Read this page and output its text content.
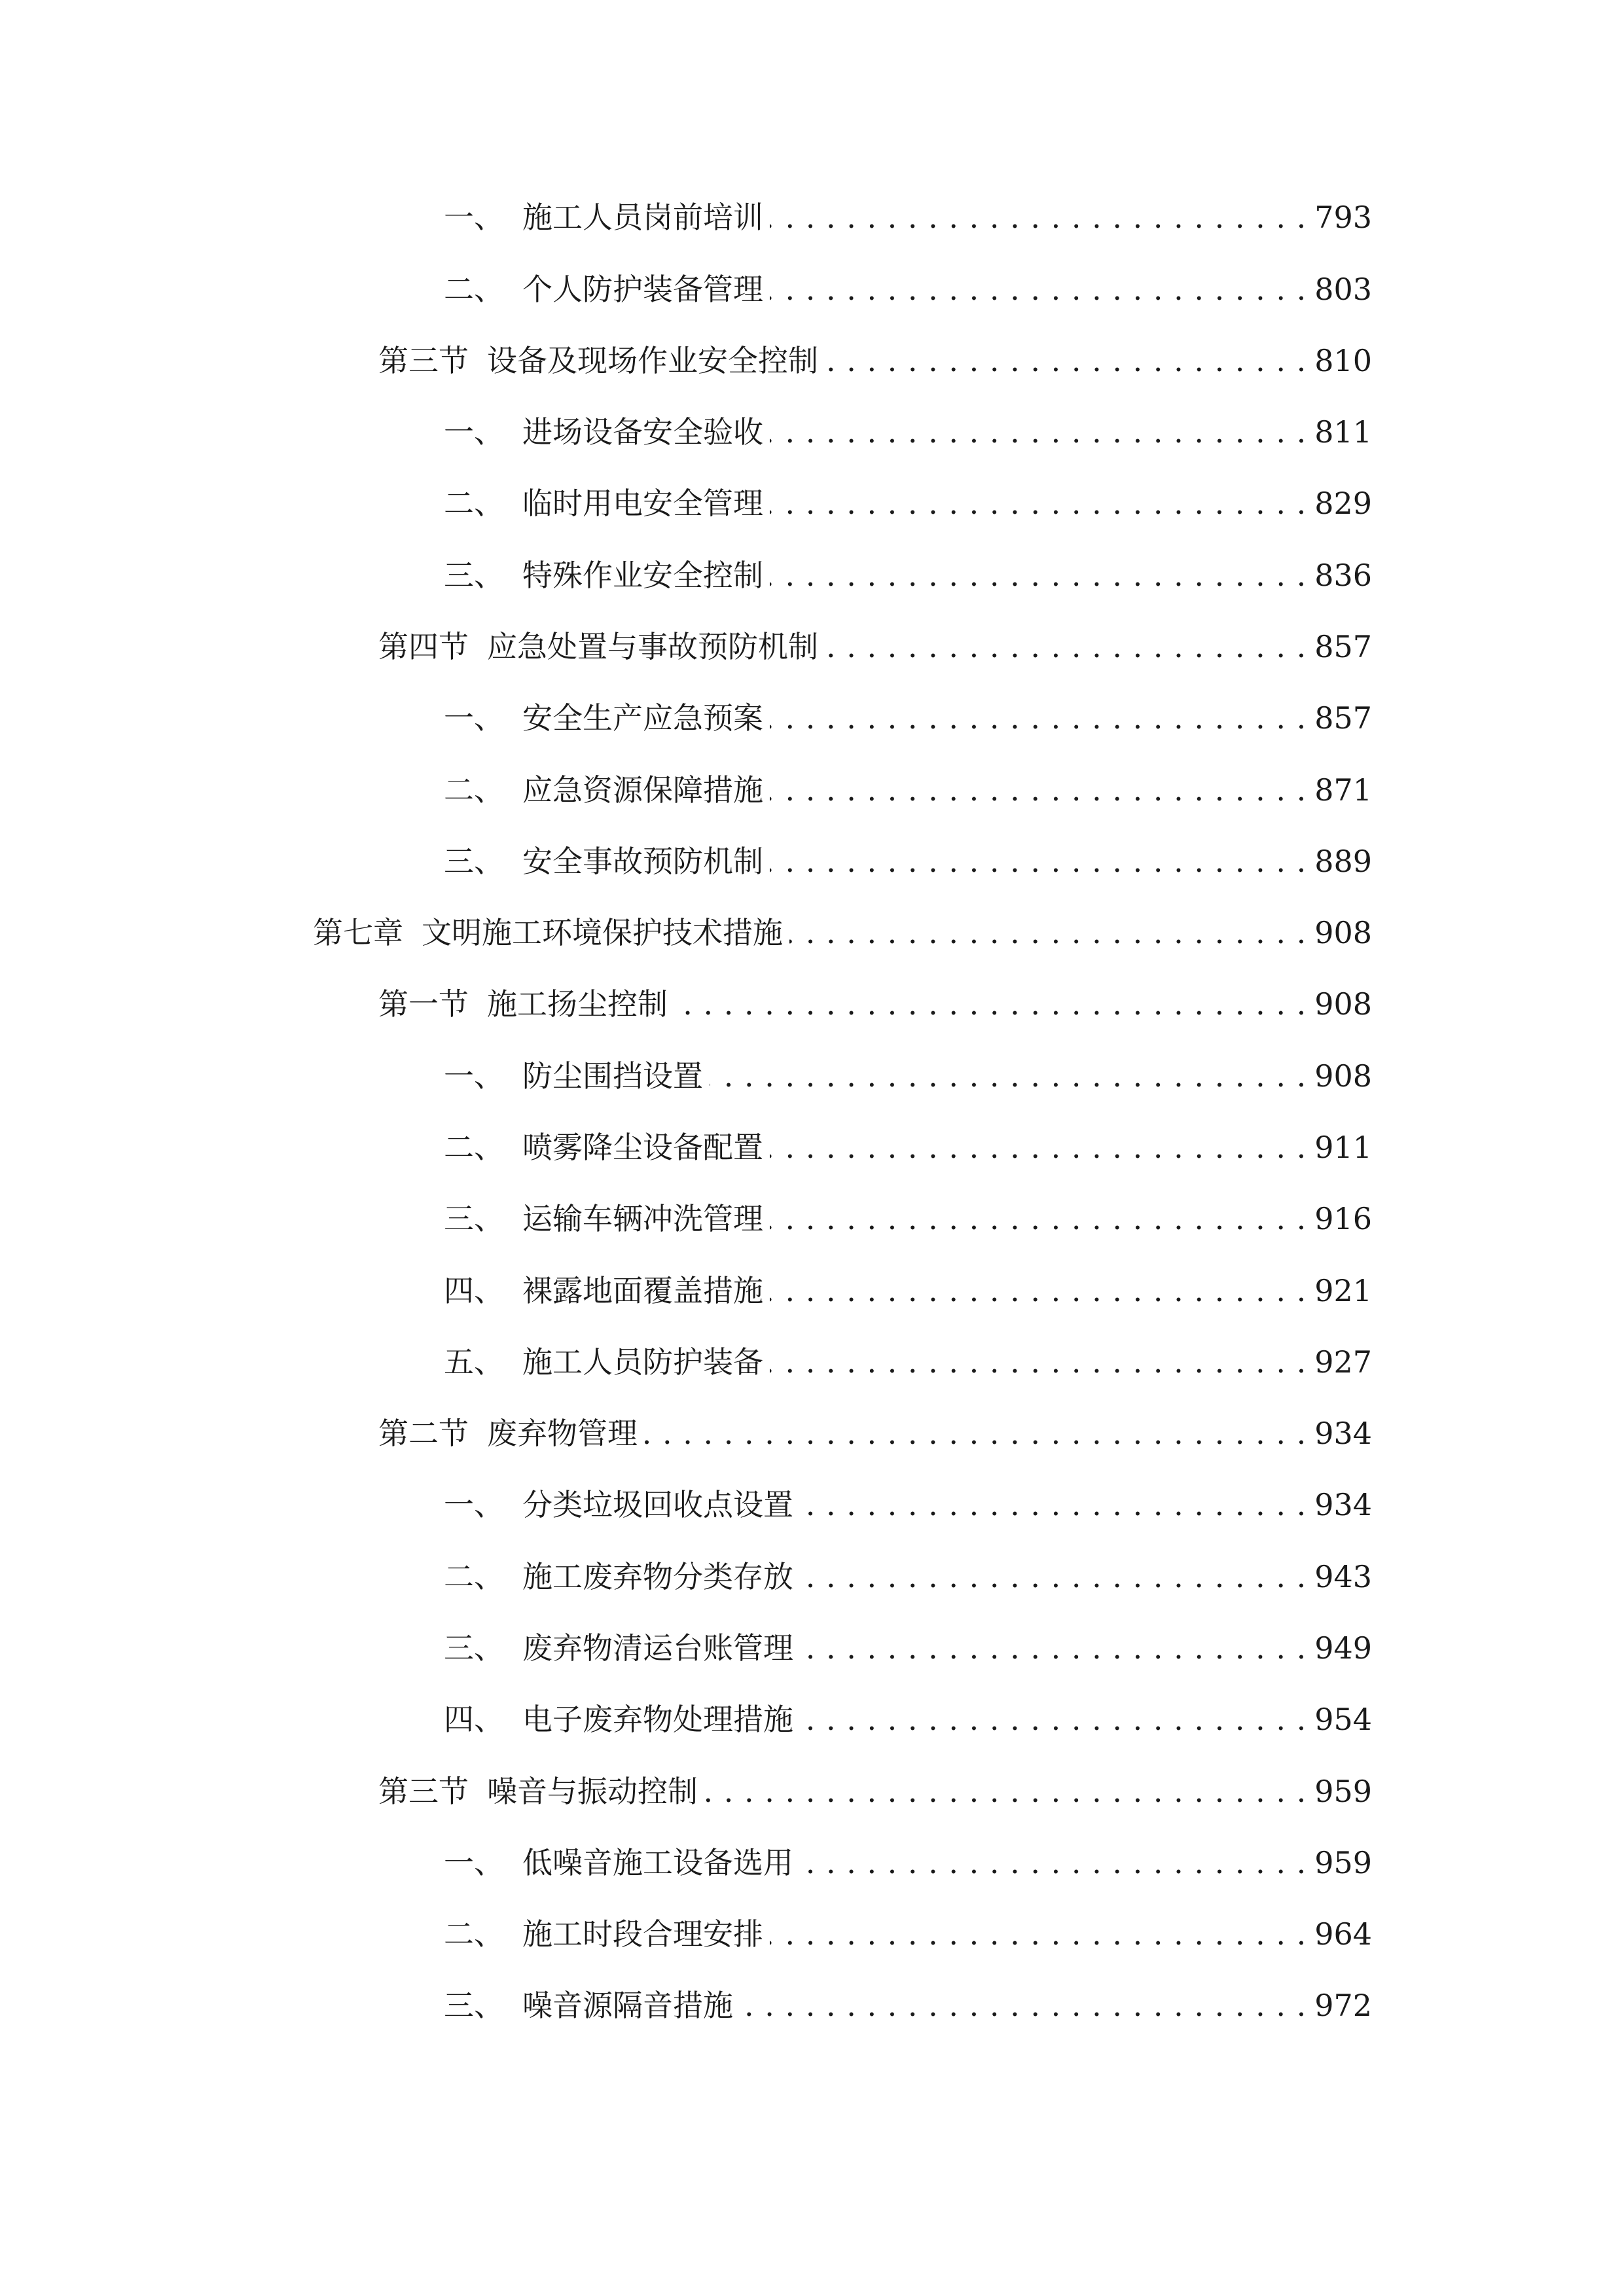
一、 施工人员岗前培训 . . .	793
二、 个人防护装备管理 . . .	803
第三节 设备及现场作业安全控制 . . .	810
一、 进场设备安全验收 . . .	811
二、 临时用电安全管理 . . .	829
三、 特殊作业安全控制 . . .	836
第四节 应急处置与事故预防机制 . . .	857
一、 安全生产应急预案 . . .	857
二、 应急资源保障措施 . . .	871
三、 安全事故预防机制 . . .	889
第七章 文明施工环境保护技术措施 . . .	908
第一节 施工扬尘控制 . . .	908
一、 防尘围挡设置 . . .	908
二、 喷雾降尘设备配置 . . .	911
三、 运输车辆冲洗管理 . . .	916
四、 裸露地面覆盖措施 . . .	921
五、 施工人员防护装备 . . .	927
第二节 废弃物管理 . . .	934
一、 分类垃圾回收点设置 . . .	934
二、 施工废弃物分类存放 . . .	943
三、 废弃物清运台账管理 . . .	949
四、 电子废弃物处理措施 . . .	954
第三节 噪音与振动控制 . . .	959
一、 低噪音施工设备选用 . . .	959
二、 施工时段合理安排 . . .	964
三、 噪音源隔音措施 . . .	972
